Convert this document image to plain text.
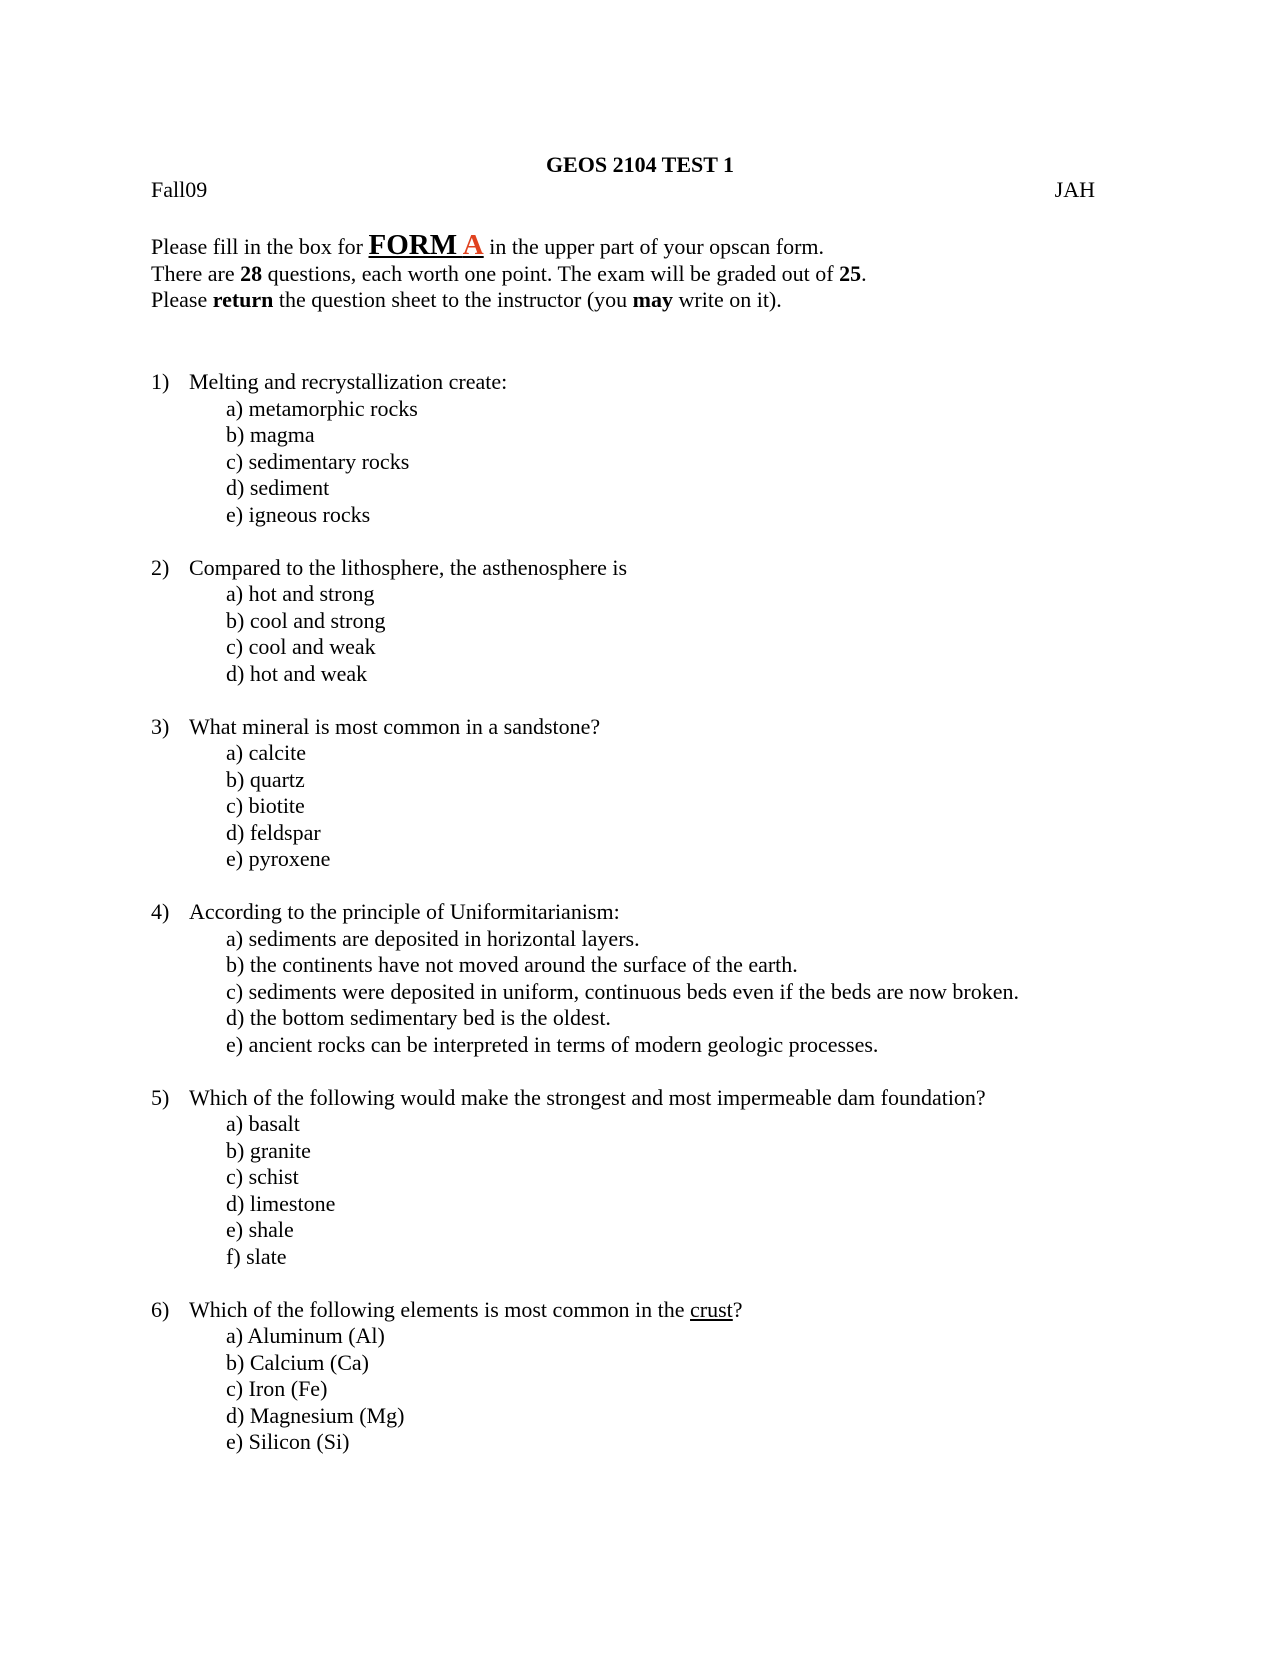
GEOS 2104 TEST 1
Fall09	JAH

Please fill in the box for FORM A in the upper part of your opscan form.

There are 28 questions, each worth one point. The exam will be graded out of 25.

Please return the question sheet to the instructor (you may write on it).

1) Melting and recrystallization create:
a) metamorphic rocks
b) magma
c) sedimentary rocks
d) sediment
e) igneous rocks
2) Compared to the lithosphere, the asthenosphere is
a) hot and strong
b) cool and strong
c) cool and weak
d) hot and weak
3) What mineral is most common in a sandstone?
a) calcite
b) quartz
c) biotite
d) feldspar
e) pyroxene
4) According to the principle of Uniformitarianism:
a) sediments are deposited in horizontal layers.
b) the continents have not moved around the surface of the earth.
c) sediments were deposited in uniform, continuous beds even if the beds are now broken.
d) the bottom sedimentary bed is the oldest.
e) ancient rocks can be interpreted in terms of modern geologic processes.
5) Which of the following would make the strongest and most impermeable dam foundation?
a) basalt
b) granite
c) schist
d) limestone
e) shale
f) slate
6) Which of the following elements is most common in the crust?
a) Aluminum (Al)
b) Calcium (Ca)
c) Iron (Fe)
d) Magnesium (Mg)
e) Silicon (Si)
